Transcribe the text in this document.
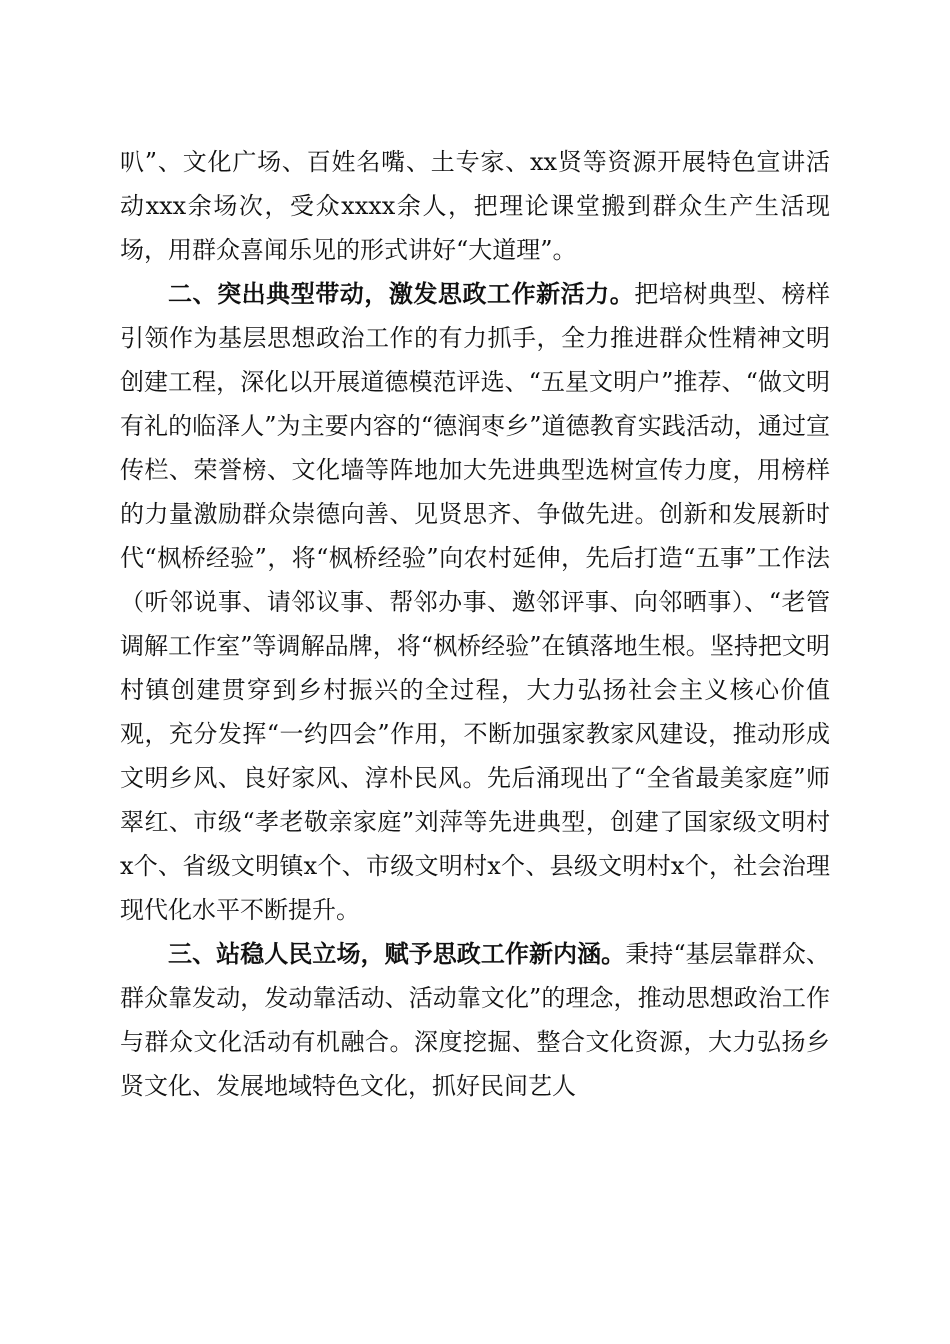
叭”、文化广场、百姓名嘴、土专家、xx贤等资源开展特色宣讲活动xxx余场次，受众xxxx余人，把理论课堂搬到群众生产生活现场，用群众喜闻乐见的形式讲好“大道理”。

二、突出典型带动，激发思政工作新活力。把培树典型、榜样引领作为基层思想政治工作的有力抓手，全力推进群众性精神文明创建工程，深化以开展道德模范评选、“五星文明户”推荐、“做文明有礼的临泽人”为主要内容的“德润枣乡”道德教育实践活动，通过宣传栏、荣誉榜、文化墙等阵地加大先进典型选树宣传力度，用榜样的力量激励群众崇德向善、见贤思齐、争做先进。创新和发展新时代“枫桥经验”，将“枫桥经验”向农村延伸，先后打造“五事”工作法（听邻说事、请邻议事、帮邻办事、邀邻评事、向邻晒事）、“老管调解工作室”等调解品牌，将“枫桥经验”在镇落地生根。坚持把文明村镇创建贯穿到乡村振兴的全过程，大力弘扬社会主义核心价值观，充分发挥“一约四会”作用，不断加强家教家风建设，推动形成文明乡风、良好家风、淳朴民风。先后涌现出了“全省最美家庭”师翠红、市级“孝老敬亲家庭”刘萍等先进典型，创建了国家级文明村x个、省级文明镇x个、市级文明村x个、县级文明村x个，社会治理现代化水平不断提升。

三、站稳人民立场，赋予思政工作新内涵。秉持“基层靠群众、群众靠发动，发动靠活动、活动靠文化”的理念，推动思想政治工作与群众文化活动有机融合。深度挖掘、整合文化资源，大力弘扬乡贤文化、发展地域特色文化，抓好民间艺人
